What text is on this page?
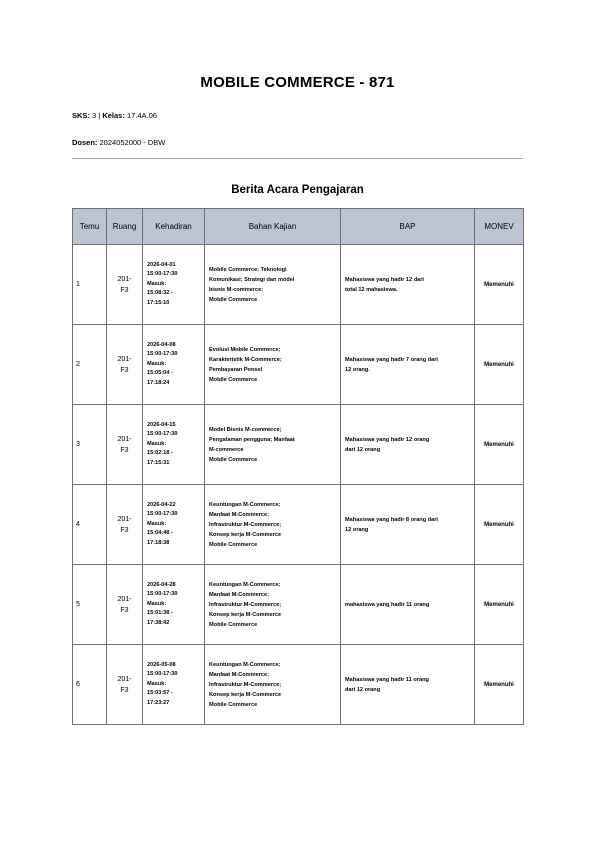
MOBILE COMMERCE - 871
SKS: 3 | Kelas: 17.4A.06
Dosen: 2024052000 - DBW
Berita Acara Pengajaran
Temu	Ruang	Kehadiran	Bahan Kajian	BAP	MONEV
1	201-
F3	2026-04-01
15:00-17:30
Masuk:
15:08:32 -
17:15:10	Mobile Commerce; Teknologi
Komunikasi; Strategi dan model
bisnis M-commerce;
Mobile Commerce	Mahasiswa yang hadir 12 dari
total 12 mahasiswa.	Memenuhi
2	201-
F3	2026-04-08
15:00-17:30
Masuk:
15:05:04 -
17:18:24	Evolusi Mobile Commerce;
Karakteristik M-Commerce;
Pembayaran Ponsel
Mobile Commerce	Mahasiswa yang hadir 7 orang dari
12 orang.	Memenuhi
3	201-
F3	2026-04-15
15:00-17:30
Masuk:
15:02:18 -
17:15:31	Model Bisnis M-commerce;
Pengalaman pengguna; Manfaat
M-commerce
Mobile Commerce	Mahasiswa yang hadir 12 orang
dari 12 orang	Memenuhi
4	201-
F3	2026-04-22
15:00-17:30
Masuk:
15:04:48 -
17:18:38	Keuntungan M-Commerce;
Manfaat M-Commerce;
Infrastruktur M-Commerce;
Konsep kerja M-Commerce
Mobile Commerce	Mahasiswa yang hadir 8 orang dari
12 orang	Memenuhi
5	201-
F3	2026-04-28
15:00-17:30
Masuk:
15:01:38 -
17:38:42	Keuntungan M-Commerce;
Manfaat M-Commerce;
Infrastruktur M-Commerce;
Konsep kerja M-Commerce
Mobile Commerce	mahasiswa yang hadir 11 orang	Memenuhi
6	201-
F3	2026-05-08
15:00-17:30
Masuk:
15:03:57 -
17:23:27	Keuntungan M-Commerce;
Manfaat M-Commerce;
Infrastruktur M-Commerce;
Konsep kerja M-Commerce
Mobile Commerce	Mahasiswa yang hadir 11 orang
dari 12 orang	Memenuhi
